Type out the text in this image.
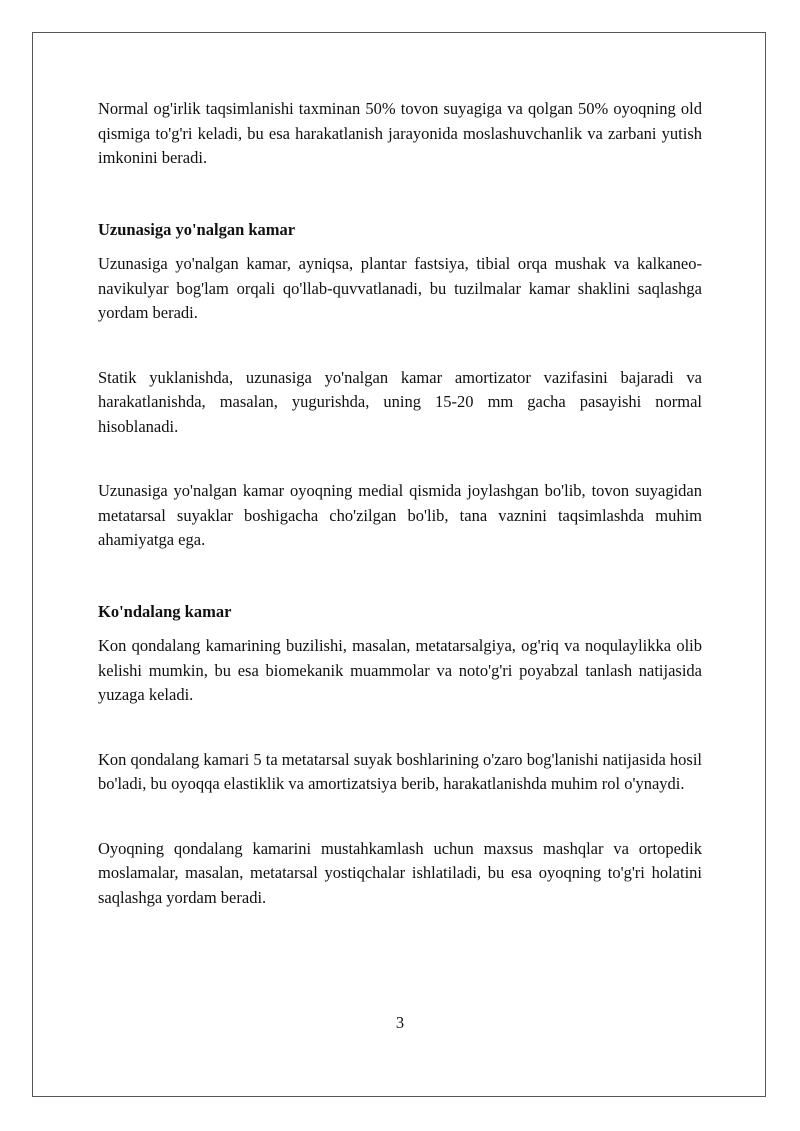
Normal og'irlik taqsimlanishi taxminan 50% tovon suyagiga va qolgan 50% oyoqning old qismiga to'g'ri keladi, bu esa harakatlanish jarayonida moslashuvchanlik va zarbani yutish imkonini beradi.

Uzunasiga yo'nalgan kamar

Uzunasiga yo'nalgan kamar, ayniqsa, plantar fastsiya, tibial orqa mushak va kalkaneo-navikulyar bog'lam orqali qo'llab-quvvatlanadi, bu tuzilmalar kamar shaklini saqlashga yordam beradi.

Statik yuklanishda, uzunasiga yo'nalgan kamar amortizator vazifasini bajaradi va harakatlanishda, masalan, yugurishda, uning 15-20 mm gacha pasayishi normal hisoblanadi.

Uzunasiga yo'nalgan kamar oyoqning medial qismida joylashgan bo'lib, tovon suyagidan metatarsal suyaklar boshigacha cho'zilgan bo'lib, tana vaznini taqsimlashda muhim ahamiyatga ega.

Ko'ndalang kamar

Kon qondalang kamarining buzilishi, masalan, metatarsalgiya, og'riq va noqulaylikka olib kelishi mumkin, bu esa biomekanik muammolar va noto'g'ri poyabzal tanlash natijasida yuzaga keladi.

Kon qondalang kamari 5 ta metatarsal suyak boshlarining o'zaro bog'lanishi natijasida hosil bo'ladi, bu oyoqqa elastiklik va amortizatsiya berib, harakatlanishda muhim rol o'ynaydi.

Oyoqning qondalang kamarini mustahkamlash uchun maxsus mashqlar va ortopedik moslamalar, masalan, metatarsal yostiqchalar ishlatiladi, bu esa oyoqning to'g'ri holatini saqlashga yordam beradi.

3
